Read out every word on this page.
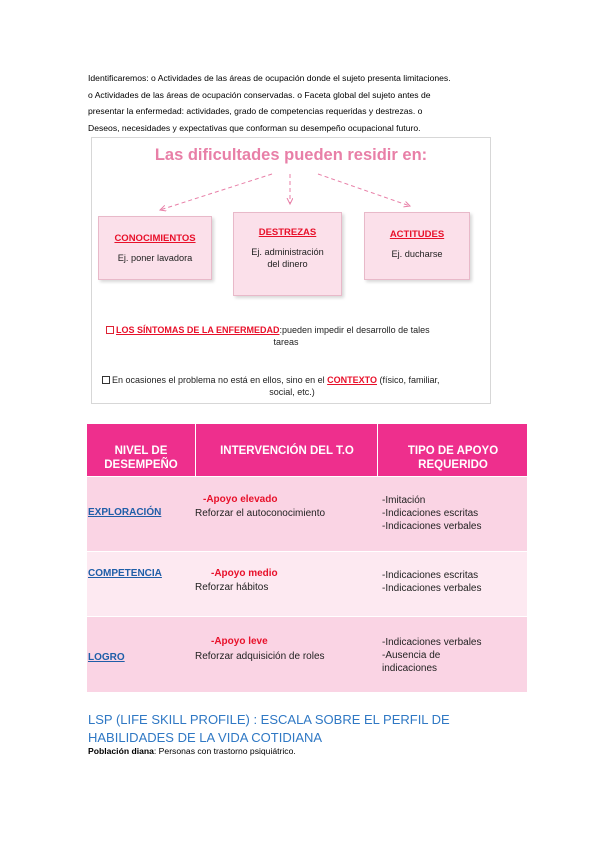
Identificaremos: o Actividades de las áreas de ocupación donde el sujeto presenta limitaciones.

o Actividades de las áreas de ocupación conservadas. o Faceta global del sujeto antes de

presentar la enfermedad: actividades, grado de competencias requeridas y destrezas. o

Deseos, necesidades y expectativas que conforman su desempeño ocupacional futuro.

Las dificultades pueden residir en:
CONOCIMIENTOS
Ej. poner lavadora
DESTREZAS
Ej. administración
del dinero
ACTITUDES
Ej. ducharse
LOS SÍNTOMAS DE LA ENFERMEDAD:pueden impedir el desarrollo de tales

tareas
En ocasiones el problema no está en ellos, sino en el CONTEXTO (físico, familiar,

social, etc.)
NIVEL DE
DESEMPEÑO
INTERVENCIÓN DEL T.O	TIPO DE APOYO
REQUERIDO
EXPLORACIÓN
-Apoyo elevado
Reforzar el autoconocimiento
-Imitación
-Indicaciones escritas
-Indicaciones verbales
COMPETENCIA	-Apoyo medio
Reforzar hábitos
-Indicaciones escritas
-Indicaciones verbales
LOGRO
-Apoyo leve
Reforzar adquisición de roles
-Indicaciones verbales
-Ausencia de
indicaciones
LSP (LIFE SKILL PROFILE) : ESCALA SOBRE EL PERFIL DE
HABILIDADES DE LA VIDA COTIDIANA
Población diana: Personas con trastorno psiquiátrico.
